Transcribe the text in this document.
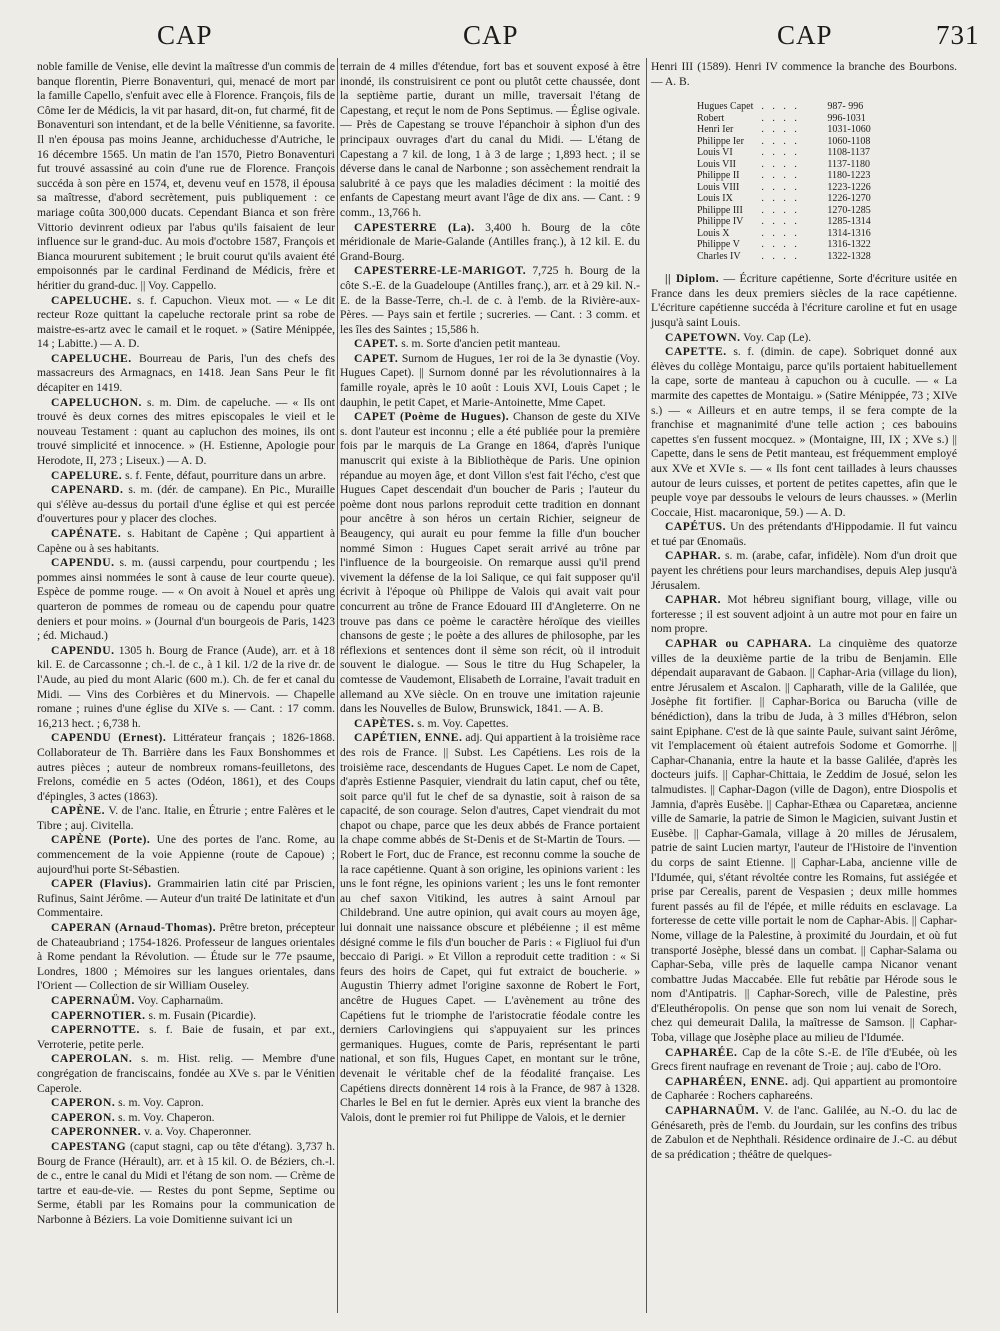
CAP	CAP	CAP	731

noble famille de Venise, elle devint la maîtresse d'un commis de banque florentin, Pierre Bonaventuri, qui, menacé de mort par la famille Capello, s'enfuit avec elle à Florence. François, fils de Côme Ier de Médicis, la vit par hasard, dit-on, fut charmé, fit de Bonaventuri son intendant, et de la belle Vénitienne, sa favorite. Il n'en épousa pas moins Jeanne, archiduchesse d'Autriche, le 16 décembre 1565. Un matin de l'an 1570, Pietro Bonaventuri fut trouvé assassiné au coin d'une rue de Florence. François succéda à son père en 1574, et, devenu veuf en 1578, il épousa sa maîtresse, d'abord secrètement, puis publiquement : ce mariage coûta 300,000 ducats. Cependant Bianca et son frère Vittorio devinrent odieux par l'abus qu'ils faisaient de leur influence sur le grand-duc. Au mois d'octobre 1587, François et Bianca moururent subitement ; le bruit courut qu'ils avaient été empoisonnés par le cardinal Ferdinand de Médicis, frère et héritier du grand-duc. || Voy. Cappello.

CAPELUCHE. s. f. Capuchon. Vieux mot. — « Le dit recteur Roze quittant la capeluche rectorale print sa robe de maistre-es-artz avec le camail et le roquet. » (Satire Ménippée, 14 ; Labitte.) — A. D.

CAPELUCHE. Bourreau de Paris, l'un des chefs des massacreurs des Armagnacs, en 1418. Jean Sans Peur le fit décapiter en 1419.

CAPELUCHON. s. m. Dim. de capeluche. — « Ils ont trouvé ès deux cornes des mitres episcopales le vieil et le nouveau Testament : quant au capluchon des moines, ils ont trouvé simplicité et innocence. » (H. Estienne, Apologie pour Herodote, II, 273 ; Liseux.) — A. D.

CAPELURE. s. f. Fente, défaut, pourriture dans un arbre.

CAPENARD. s. m. (dér. de campane). En Pic., Muraille qui s'élève au-dessus du portail d'une église et qui est percée d'ouvertures pour y placer des cloches.

CAPÉNATE. s. Habitant de Capène ; Qui appartient à Capène ou à ses habitants.

CAPENDU. s. m. (aussi carpendu, pour courtpendu ; les pommes ainsi nommées le sont à cause de leur courte queue). Espèce de pomme rouge. — « On avoit à Nouel et après ung quarteron de pommes de romeau ou de capendu pour quatre deniers et pour moins. » (Journal d'un bourgeois de Paris, 1423 ; éd. Michaud.)

CAPENDU. 1305 h. Bourg de France (Aude), arr. et à 18 kil. E. de Carcassonne ; ch.-l. de c., à 1 kil. 1/2 de la rive dr. de l'Aude, au pied du mont Alaric (600 m.). Ch. de fer et canal du Midi. — Vins des Corbières et du Minervois. — Chapelle romane ; ruines d'une église du XIVe s. — Cant. : 17 comm. 16,213 hect. ; 6,738 h.

CAPENDU (Ernest). Littérateur français ; 1826-1868. Collaborateur de Th. Barrière dans les Faux Bonshommes et autres pièces ; auteur de nombreux romans-feuilletons, des Frelons, comédie en 5 actes (Odéon, 1861), et des Coups d'épingles, 3 actes (1863).

CAPÈNE. V. de l'anc. Italie, en Étrurie ; entre Falères et le Tibre ; auj. Civitella.

CAPÈNE (Porte). Une des portes de l'anc. Rome, au commencement de la voie Appienne (route de Capoue) ; aujourd'hui porte St-Sébastien.

CAPER (Flavius). Grammairien latin cité par Priscien, Rufinus, Saint Jérôme. — Auteur d'un traité De latinitate et d'un Commentaire.

CAPERAN (Arnaud-Thomas). Prêtre breton, précepteur de Chateaubriand ; 1754-1826. Professeur de langues orientales à Rome pendant la Révolution. — Étude sur le 77e psaume, Londres, 1800 ; Mémoires sur les langues orientales, dans l'Orient — Collection de sir William Ouseley.

CAPERNAÜM. Voy. Capharnaüm.

CAPERNOTIER. s. m. Fusain (Picardie).

CAPERNOTTE. s. f. Baie de fusain, et par ext., Verroterie, petite perle.

CAPEROLAN. s. m. Hist. relig. — Membre d'une congrégation de franciscains, fondée au XVe s. par le Vénitien Caperole.

CAPERON. s. m. Voy. Capron.

CAPERON. s. m. Voy. Chaperon.

CAPERONNER. v. a. Voy. Chaperonner.

CAPESTANG (caput stagni, cap ou tête d'étang). 3,737 h. Bourg de France (Hérault), arr. et à 15 kil. O. de Béziers, ch.-l. de c., entre le canal du Midi et l'étang de son nom. — Crème de tartre et eau-de-vie. — Restes du pont Sepme, Septime ou Serme, établi par les Romains pour la communication de Narbonne à Béziers. La voie Domitienne suivant ici un

terrain de 4 milles d'étendue, fort bas et souvent exposé à être inondé, ils construisirent ce pont ou plutôt cette chaussée, dont la septième partie, durant un mille, traversait l'étang de Capestang, et reçut le nom de Pons Septimus. — Église ogivale. — Près de Capestang se trouve l'épanchoir à siphon d'un des principaux ouvrages d'art du canal du Midi. — L'étang de Capestang a 7 kil. de long, 1 à 3 de large ; 1,893 hect. ; il se déverse dans le canal de Narbonne ; son assèchement rendrait la salubrité à ce pays que les maladies déciment : la moitié des enfants de Capestang meurt avant l'âge de dix ans. — Cant. : 9 comm., 13,766 h.

CAPESTERRE (La). 3,400 h. Bourg de la côte méridionale de Marie-Galande (Antilles franç.), à 12 kil. E. du Grand-Bourg.

CAPESTERRE-LE-MARIGOT. 7,725 h. Bourg de la côte S.-E. de la Guadeloupe (Antilles franç.), arr. et à 29 kil. N.-E. de la Basse-Terre, ch.-l. de c. à l'emb. de la Rivière-aux-Pères. — Pays sain et fertile ; sucreries. — Cant. : 3 comm. et les îles des Saintes ; 15,586 h.

CAPET. s. m. Sorte d'ancien petit manteau.

CAPET. Surnom de Hugues, 1er roi de la 3e dynastie (Voy. Hugues Capet). || Surnom donné par les révolutionnaires à la famille royale, après le 10 août : Louis XVI, Louis Capet ; le dauphin, le petit Capet, et Marie-Antoinette, Mme Capet.

CAPET (Poème de Hugues). Chanson de geste du XIVe s. dont l'auteur est inconnu ; elle a été publiée pour la première fois par le marquis de La Grange en 1864, d'après l'unique manuscrit qui existe à la Bibliothèque de Paris. Une opinion répandue au moyen âge, et dont Villon s'est fait l'écho, c'est que Hugues Capet descendait d'un boucher de Paris ; l'auteur du poème dont nous parlons reproduit cette tradition en donnant pour ancêtre à son héros un certain Richier, seigneur de Beaugency, qui aurait eu pour femme la fille d'un boucher nommé Simon : Hugues Capet serait arrivé au trône par l'influence de la bourgeoisie. On remarque aussi qu'il prend vivement la défense de la loi Salique, ce qui fait supposer qu'il écrivit à l'époque où Philippe de Valois qui avait vait pour concurrent au trône de France Edouard III d'Angleterre. On ne trouve pas dans ce poème le caractère héroïque des vieilles chansons de geste ; le poète a des allures de philosophe, par les réflexions et sentences dont il sème son récit, où il introduit souvent le dialogue. — Sous le titre du Hug Schapeler, la comtesse de Vaudemont, Elisabeth de Lorraine, l'avait traduit en allemand au XVe siècle. On en trouve une imitation rajeunie dans les Nouvelles de Bulow, Brunswick, 1841. — A. B.

CAPÈTES. s. m. Voy. Capettes.

CAPÉTIEN, ENNE. adj. Qui appartient à la troisième race des rois de France. || Subst. Les Capétiens. Les rois de la troisième race, descendants de Hugues Capet. Le nom de Capet, d'après Estienne Pasquier, viendrait du latin caput, chef ou tête, soit parce qu'il fut le chef de sa dynastie, soit à raison de sa capacité, de son courage. Selon d'autres, Capet viendrait du mot chapot ou chape, parce que les deux abbés de France portaient la chape comme abbés de St-Denis et de St-Martin de Tours. — Robert le Fort, duc de France, est reconnu comme la souche de la race capétienne. Quant à son origine, les opinions varient : les uns le font régne, les opinions varient ; les uns le font remonter au chef saxon Vitikind, les autres à saint Arnoul par Childebrand. Une autre opinion, qui avait cours au moyen âge, lui donnait une naissance obscure et plébéienne ; il est même désigné comme le fils d'un boucher de Paris : « Figliuol fui d'un beccaio di Parigi. » Et Villon a reproduit cette tradition : « Si feurs des hoirs de Capet, qui fut extraict de boucherie. » Augustin Thierry admet l'origine saxonne de Robert le Fort, ancêtre de Hugues Capet. — L'avènement au trône des Capétiens fut le triomphe de l'aristocratie féodale contre les derniers Carlovingiens qui s'appuyaient sur les princes germaniques. Hugues, comte de Paris, représentant le parti national, et son fils, Hugues Capet, en montant sur le trône, devenait le véritable chef de la féodalité française. Les Capétiens directs donnèrent 14 rois à la France, de 987 à 1328. Charles le Bel en fut le dernier. Après eux vient la branche des Valois, dont le premier roi fut Philippe de Valois, et le dernier

Henri III (1589). Henri IV commence la branche des Bourbons. — A. B.

Hugues Capet	. . . .	987- 996
Robert	. . . .	996-1031
Henri Ier	. . . .	1031-1060
Philippe Ier	. . . .	1060-1108
Louis VI	. . . .	1108-1137
Louis VII	. . . .	1137-1180
Philippe II	. . . .	1180-1223
Louis VIII	. . . .	1223-1226
Louis IX	. . . .	1226-1270
Philippe III	. . . .	1270-1285
Philippe IV	. . . .	1285-1314
Louis X	. . . .	1314-1316
Philippe V	. . . .	1316-1322
Charles IV	. . . .	1322-1328

|| Diplom. — Écriture capétienne, Sorte d'écriture usitée en France dans les deux premiers siècles de la race capétienne. L'écriture capétienne succéda à l'écriture caroline et fut en usage jusqu'à saint Louis.

CAPETOWN. Voy. Cap (Le).

CAPETTE. s. f. (dimin. de cape). Sobriquet donné aux élèves du collège Montaigu, parce qu'ils portaient habituellement la cape, sorte de manteau à capuchon ou à cuculle. — « La marmite des capettes de Montaigu. » (Satire Ménippée, 73 ; XIVe s.) — « Ailleurs et en autre temps, il se fera compte de la franchise et magnanimité d'une telle action ; ces babouins capettes s'en fussent mocquez. » (Montaigne, III, IX ; XVe s.) || Capette, dans le sens de Petit manteau, est fréquemment employé aux XVe et XVIe s. — « Ils font cent taillades à leurs chausses autour de leurs cuisses, et portent de petites capettes, afin que le peuple voye par dessoubs le velours de leurs chausses. » (Merlin Coccaie, Hist. macaronique, 59.) — A. D.

CAPÉTUS. Un des prétendants d'Hippodamie. Il fut vaincu et tué par Œnomaüs.

CAPHAR. s. m. (arabe, cafar, infidèle). Nom d'un droit que payent les chrétiens pour leurs marchandises, depuis Alep jusqu'à Jérusalem.

CAPHAR. Mot hébreu signifiant bourg, village, ville ou forteresse ; il est souvent adjoint à un autre mot pour en faire un nom propre.

CAPHAR ou CAPHARA. La cinquième des quatorze villes de la deuxième partie de la tribu de Benjamin. Elle dépendait auparavant de Gabaon. || Caphar-Aria (village du lion), entre Jérusalem et Ascalon. || Capharath, ville de la Galilée, que Josèphe fit fortifier. || Caphar-Borica ou Barucha (ville de bénédiction), dans la tribu de Juda, à 3 milles d'Hébron, selon saint Epiphane. C'est de là que sainte Paule, suivant saint Jérôme, vit l'emplacement où étaient autrefois Sodome et Gomorrhe. || Caphar-Chanania, entre la haute et la basse Galilée, d'après les docteurs juifs. || Caphar-Chittaia, le Zeddim de Josué, selon les talmudistes. || Caphar-Dagon (ville de Dagon), entre Diospolis et Jamnia, d'après Eusèbe. || Caphar-Ethæa ou Caparetæa, ancienne ville de Samarie, la patrie de Simon le Magicien, suivant Justin et Eusèbe. || Caphar-Gamala, village à 20 milles de Jérusalem, patrie de saint Lucien martyr, l'auteur de l'Histoire de l'invention du corps de saint Etienne. || Caphar-Laba, ancienne ville de l'Idumée, qui, s'étant révoltée contre les Romains, fut assiégée et prise par Cerealis, parent de Vespasien ; deux mille hommes furent passés au fil de l'épée, et mille réduits en esclavage. La forteresse de cette ville portait le nom de Caphar-Abis. || Caphar-Nome, village de la Palestine, à proximité du Jourdain, et où fut transporté Josèphe, blessé dans un combat. || Caphar-Salama ou Caphar-Seba, ville près de laquelle campa Nicanor venant combattre Judas Maccabée. Elle fut rebâtie par Hérode sous le nom d'Antipatris. || Caphar-Sorech, ville de Palestine, près d'Eleuthéropolis. On pense que son nom lui venait de Sorech, chez qui demeurait Dalila, la maîtresse de Samson. || Caphar-Toba, village que Josèphe place au milieu de l'Idumée.

CAPHARÉE. Cap de la côte S.-E. de l'île d'Eubée, où les Grecs firent naufrage en revenant de Troie ; auj. cabo de l'Oro.

CAPHARÉEN, ENNE. adj. Qui appartient au promontoire de Capharée : Rochers caphareéns.

CAPHARNAÜM. V. de l'anc. Galilée, au N.-O. du lac de Génésareth, près de l'emb. du Jourdain, sur les confins des tribus de Zabulon et de Nephthali. Résidence ordinaire de J.-C. au début de sa prédication ; théâtre de quelques-
